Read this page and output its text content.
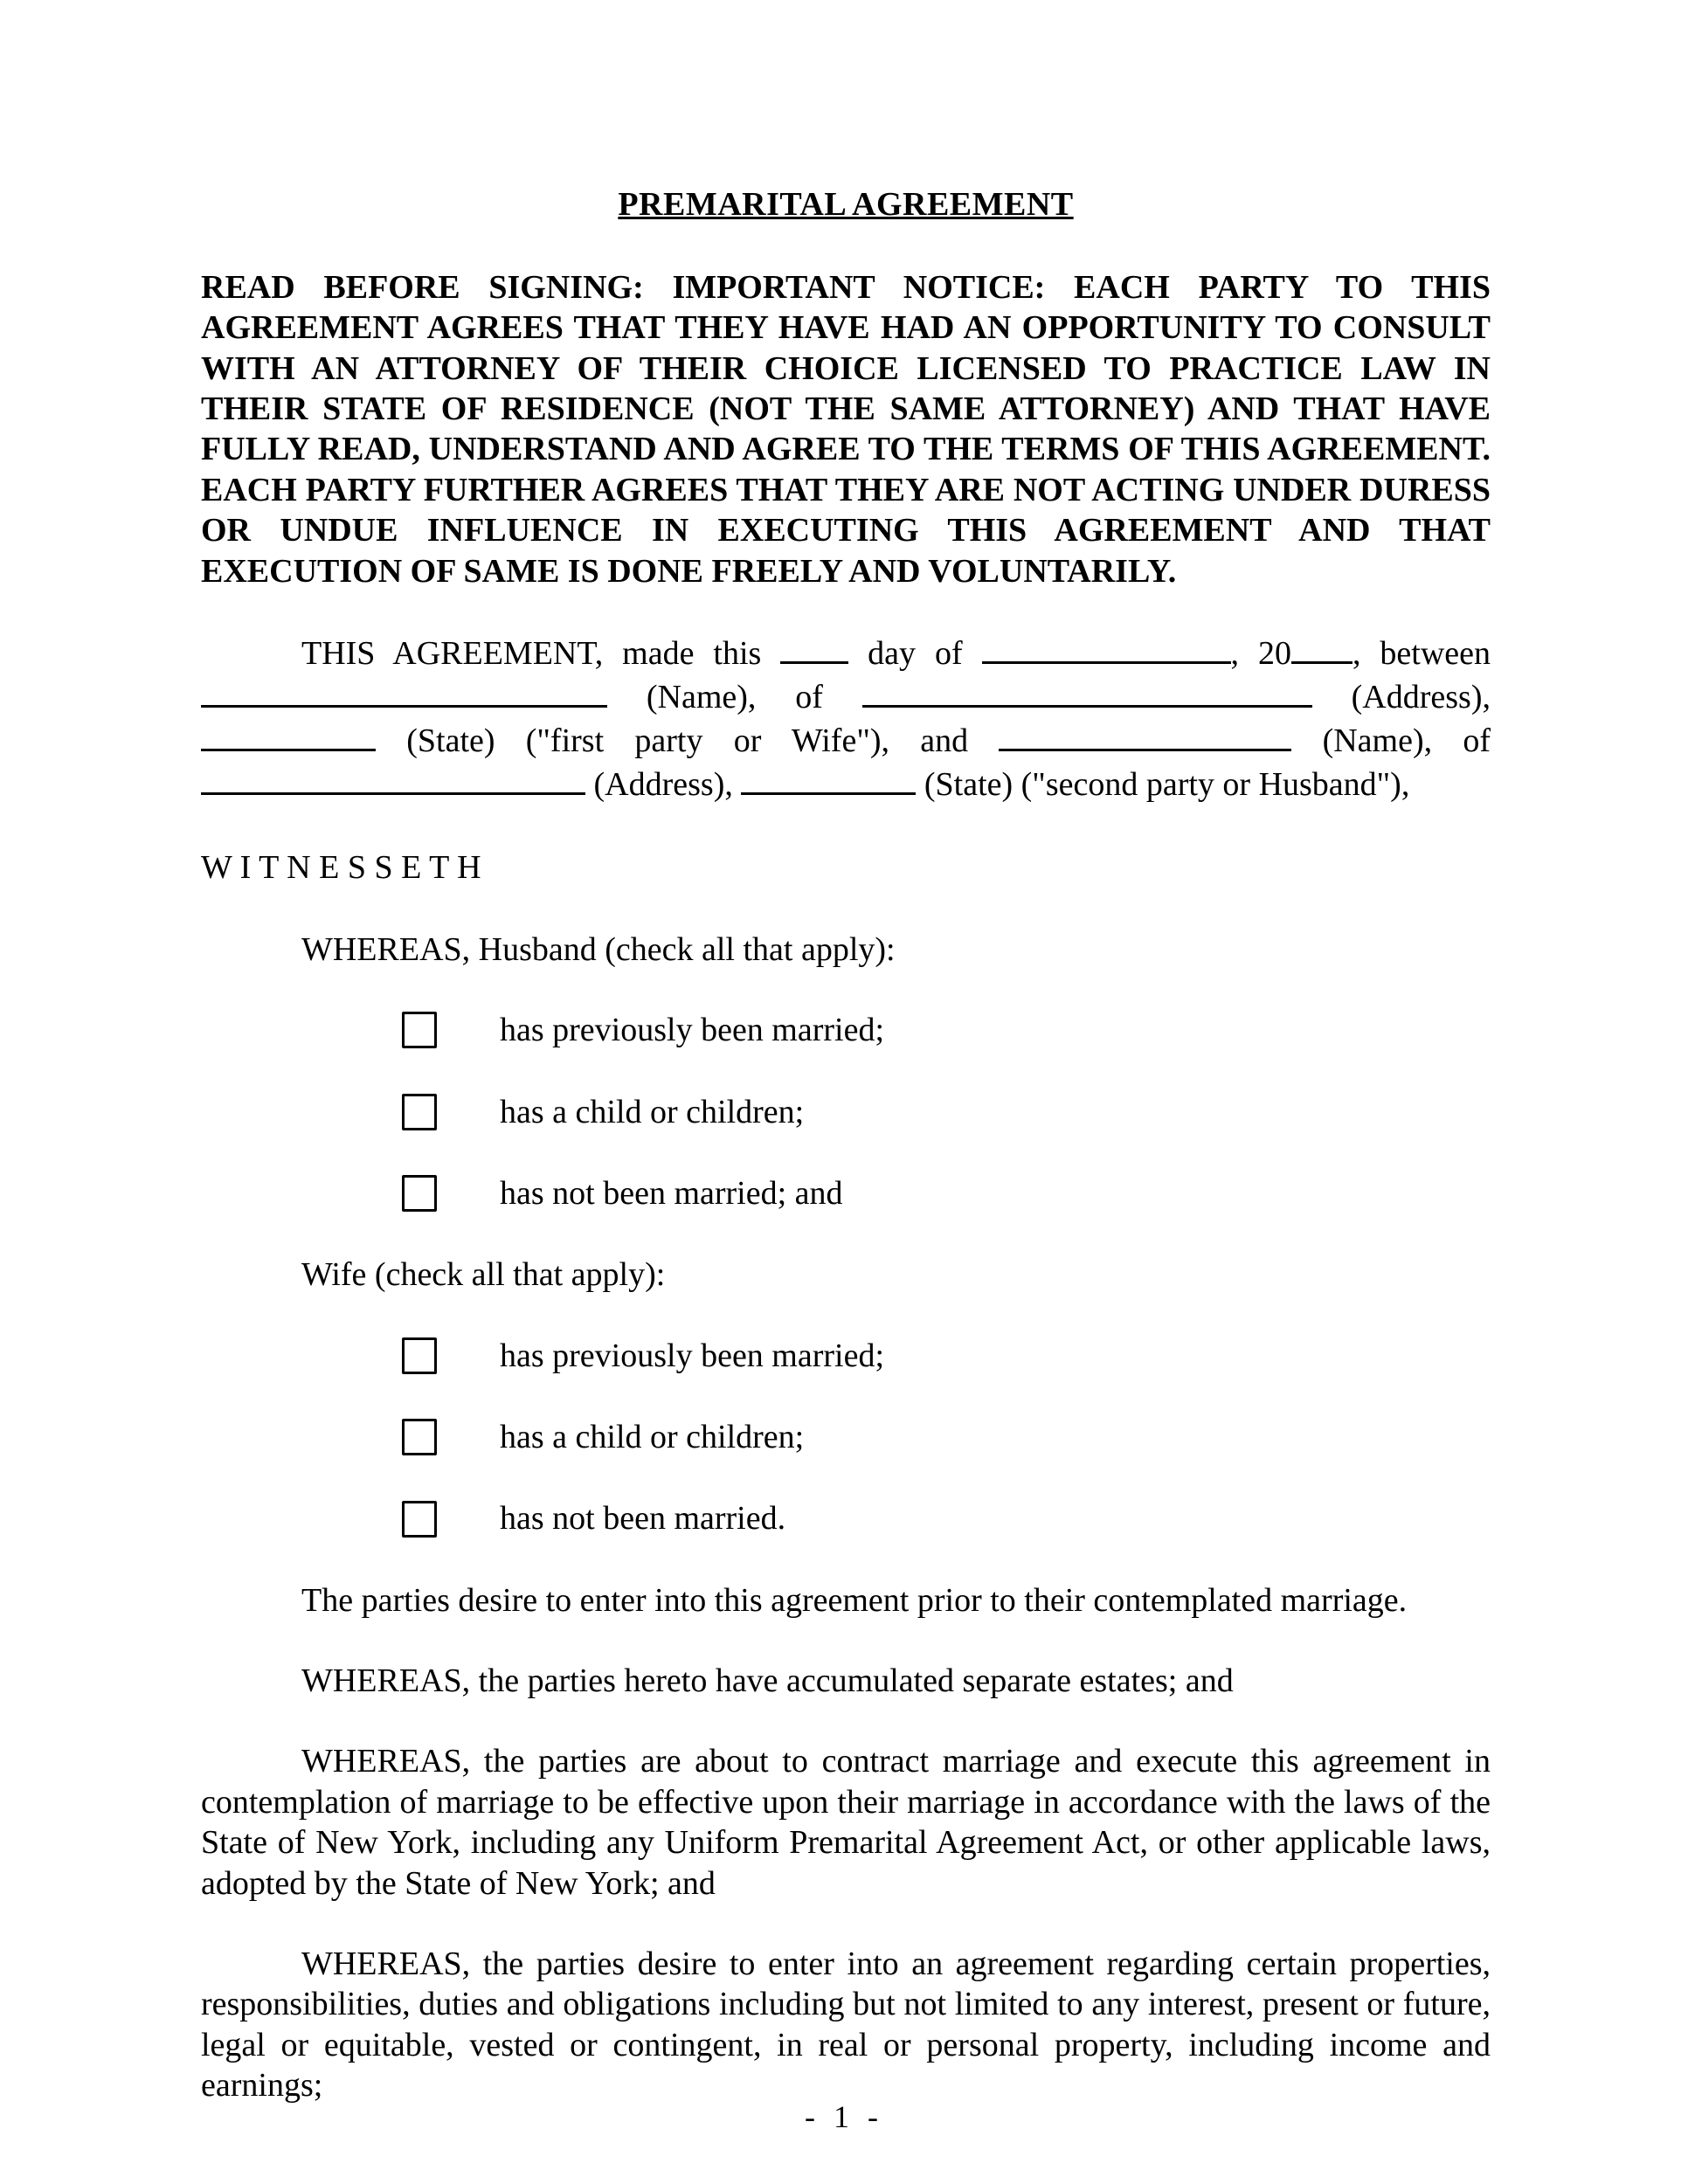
PREMARITAL AGREEMENT

READ BEFORE SIGNING: IMPORTANT NOTICE: EACH PARTY TO THIS AGREEMENT AGREES THAT THEY HAVE HAD AN OPPORTUNITY TO CONSULT WITH AN ATTORNEY OF THEIR CHOICE LICENSED TO PRACTICE LAW IN THEIR STATE OF RESIDENCE (NOT THE SAME ATTORNEY) AND THAT HAVE FULLY READ, UNDERSTAND AND AGREE TO THE TERMS OF THIS AGREEMENT. EACH PARTY FURTHER AGREES THAT THEY ARE NOT ACTING UNDER DURESS OR UNDUE INFLUENCE IN EXECUTING THIS AGREEMENT AND THAT EXECUTION OF SAME IS DONE FREELY AND VOLUNTARILY.

THIS AGREEMENT, made this  day of	, 20 , between  (Name), of	(Address),  (State) ("first party or Wife"), and	(Name), of  (Address),	(State) ("second party or Husband"),

W I T N E S S E T H

WHEREAS, Husband (check all that apply):

has previously been married;
has a child or children;
has not been married; and

Wife (check all that apply):

has previously been married;
has a child or children;
has not been married.

The parties desire to enter into this agreement prior to their contemplated marriage.

WHEREAS, the parties hereto have accumulated separate estates; and

WHEREAS, the parties are about to contract marriage and execute this agreement in contemplation of marriage to be effective upon their marriage in accordance with the laws of the State of New York, including any Uniform Premarital Agreement Act, or other applicable laws, adopted by the State of New York; and

WHEREAS, the parties desire to enter into an agreement regarding certain properties, responsibilities, duties and obligations including but not limited to any interest, present or future, legal or equitable, vested or contingent, in real or personal property, including income and earnings;

- 1 -
